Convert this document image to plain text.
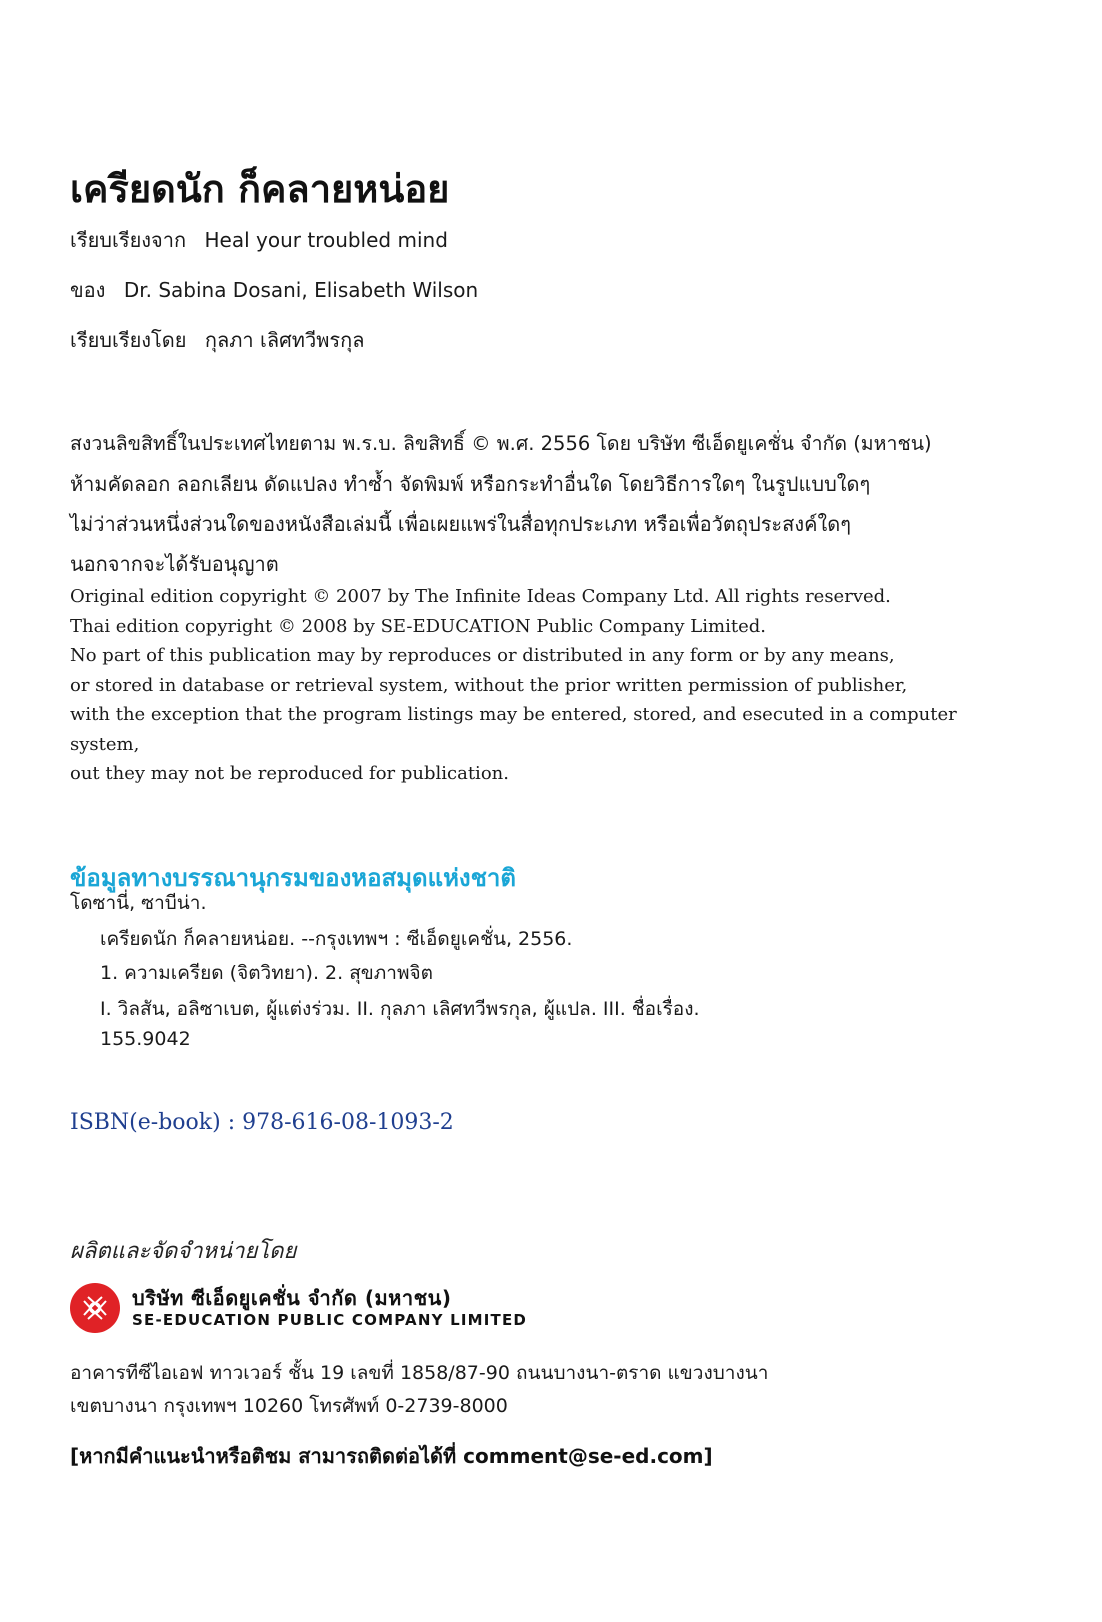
เครียดนัก ก็คลายหน่อย
เรียบเรียงจาก Heal your troubled mind
ของ Dr. Sabina Dosani, Elisabeth Wilson
เรียบเรียงโดย กุลภา เลิศทวีพรกุล
สงวนลิขสิทธิ์ในประเทศไทยตาม พ.ร.บ. ลิขสิทธิ์ © พ.ศ. 2556 โดย บริษัท ซีเอ็ดยูเคชั่น จำกัด (มหาชน)
ห้ามคัดลอก ลอกเลียน ดัดแปลง ทำซ้ำ จัดพิมพ์ หรือกระทำอื่นใด โดยวิธีการใดๆ ในรูปแบบใดๆ
ไม่ว่าส่วนหนึ่งส่วนใดของหนังสือเล่มนี้ เพื่อเผยแพร่ในสื่อทุกประเภท หรือเพื่อวัตถุประสงค์ใดๆ
นอกจากจะได้รับอนุญาต
Original edition copyright © 2007 by The Infinite Ideas Company Ltd. All rights reserved.
Thai edition copyright © 2008 by SE-EDUCATION Public Company Limited.
No part of this publication may by reproduces or distributed in any form or by any means,
or stored in database or retrieval system, without the prior written permission of publisher,
with the exception that the program listings may be entered, stored, and esecuted in a computer
system,
out they may not be reproduced for publication.
ข้อมูลทางบรรณานุกรมของหอสมุดแห่งชาติ
โดซานี่, ซาบีน่า.
เครียดนัก ก็คลายหน่อย. --กรุงเทพฯ : ซีเอ็ดยูเคชั่น, 2556.
1. ความเครียด (จิตวิทยา). 2. สุขภาพจิต
I. วิลสัน, อลิซาเบต, ผู้แต่งร่วม. II. กุลภา เลิศทวีพรกุล, ผู้แปล. III. ชื่อเรื่อง.
155.9042
ISBN(e-book) : 978-616-08-1093-2
ผลิตและจัดจำหน่ายโดย
บริษัท ซีเอ็ดยูเคชั่น จำกัด (มหาชน)
SE-EDUCATION PUBLIC COMPANY LIMITED
อาคารทีซีไอเอฟ ทาวเวอร์ ชั้น 19 เลขที่ 1858/87-90 ถนนบางนา-ตราด แขวงบางนา
เขตบางนา กรุงเทพฯ 10260 โทรศัพท์ 0-2739-8000
[หากมีคำแนะนำหรือติชม สามารถติดต่อได้ที่ comment@se-ed.com]
